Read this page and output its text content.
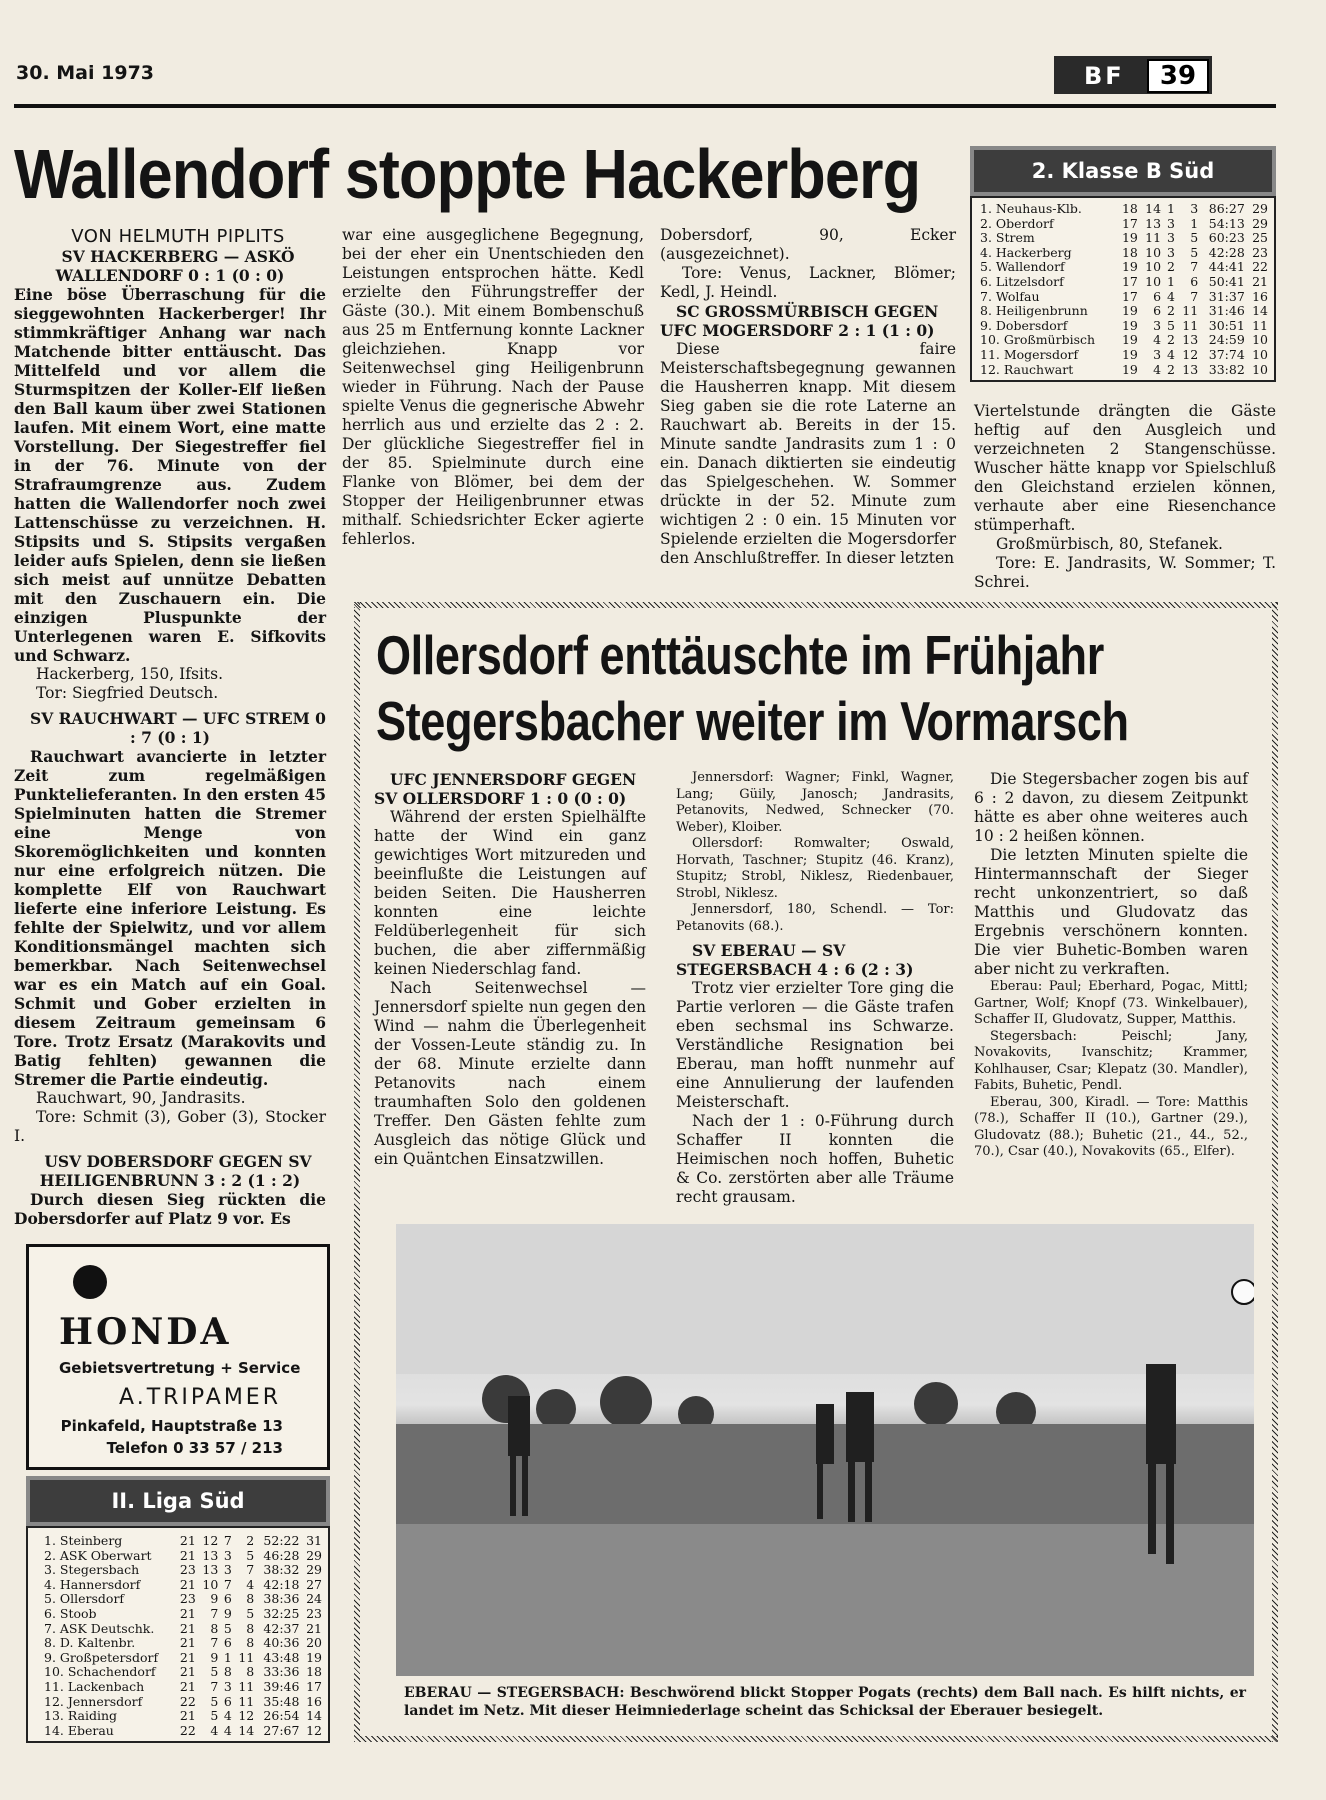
30. Mai 1973	BF	39
Wallendorf stoppte Hackerberg

VON HELMUTH PIPLITS

SV HACKERBERG — ASKÖ WALLENDORF 0 : 1 (0 : 0)

Eine böse Überraschung für die sieggewohnten Hackerberger! Ihr stimmkräftiger Anhang war nach Matchende bitter enttäuscht. Das Mittelfeld und vor allem die Sturmspitzen der Koller-Elf ließen den Ball kaum über zwei Stationen laufen. Mit einem Wort, eine matte Vorstellung. Der Siegestreffer fiel in der 76. Minute von der Strafraumgrenze aus. Zudem hatten die Wallendorfer noch zwei Lattenschüsse zu verzeichnen. H. Stipsits und S. Stipsits vergaßen leider aufs Spielen, denn sie ließen sich meist auf unnütze Debatten mit den Zuschauern ein. Die einzigen Pluspunkte der Unterlegenen waren E. Sifkovits und Schwarz.

Hackerberg, 150, Ifsits.

Tor: Siegfried Deutsch.

SV RAUCHWART — UFC STREM 0 : 7 (0 : 1)

Rauchwart avancierte in letzter Zeit zum regelmäßigen Punktelieferanten. In den ersten 45 Spielminuten hatten die Stremer eine Menge von Skoremöglichkeiten und konnten nur eine erfolgreich nützen. Die komplette Elf von Rauchwart lieferte eine inferiore Leistung. Es fehlte der Spielwitz, und vor allem Konditionsmängel machten sich bemerkbar. Nach Seitenwechsel war es ein Match auf ein Goal. Schmit und Gober erzielten in diesem Zeitraum gemeinsam 6 Tore. Trotz Ersatz (Marakovits und Batig fehlten) gewannen die Stremer die Partie eindeutig.

Rauchwart, 90, Jandrasits.

Tore: Schmit (3), Gober (3), Stocker I.

USV DOBERSDORF GEGEN SV HEILIGENBRUNN 3 : 2 (1 : 2)

Durch diesen Sieg rückten die Dobersdorfer auf Platz 9 vor. Es

war eine ausgeglichene Begegnung, bei der eher ein Unentschieden den Leistungen entsprochen hätte. Kedl erzielte den Führungstreffer der Gäste (30.). Mit einem Bombenschuß aus 25 m Entfernung konnte Lackner gleichziehen. Knapp vor Seitenwechsel ging Heiligenbrunn wieder in Führung. Nach der Pause spielte Venus die gegnerische Abwehr herrlich aus und erzielte das 2 : 2. Der glückliche Siegestreffer fiel in der 85. Spielminute durch eine Flanke von Blömer, bei dem der Stopper der Heiligenbrunner etwas mithalf. Schiedsrichter Ecker agierte fehlerlos.

Dobersdorf, 90, Ecker (ausgezeichnet).

Tore: Venus, Lackner, Blömer; Kedl, J. Heindl.

SC GROSSMÜRBISCH GEGEN UFC MOGERSDORF 2 : 1 (1 : 0)

Diese faire Meisterschaftsbegegnung gewannen die Hausherren knapp. Mit diesem Sieg gaben sie die rote Laterne an Rauchwart ab. Bereits in der 15. Minute sandte Jandrasits zum 1 : 0 ein. Danach diktierten sie eindeutig das Spielgeschehen. W. Sommer drückte in der 52. Minute zum wichtigen 2 : 0 ein. 15 Minuten vor Spielende erzielten die Mogersdorfer den Anschlußtreffer. In dieser letzten

2. Klasse B Süd
1. Neuhaus-Klb.	18	14	1	3	86:27	29
2. Oberdorf	17	13	3	1	54:13	29
3. Strem	19	11	3	5	60:23	25
4. Hackerberg	18	10	3	5	42:28	23
5. Wallendorf	19	10	2	7	44:41	22
6. Litzelsdorf	17	10	1	6	50:41	21
7. Wolfau	17	6	4	7	31:37	16
8. Heiligenbrunn	19	6	2	11	31:46	14
9. Dobersdorf	19	3	5	11	30:51	11
10. Großmürbisch	19	4	2	13	24:59	10
11. Mogersdorf	19	3	4	12	37:74	10
12. Rauchwart	19	4	2	13	33:82	10

Viertelstunde drängten die Gäste heftig auf den Ausgleich und verzeichneten 2 Stangenschüsse. Wuscher hätte knapp vor Spielschluß den Gleichstand erzielen können, verhaute aber eine Riesenchance stümperhaft.

Großmürbisch, 80, Stefanek.

Tore: E. Jandrasits, W. Sommer; T. Schrei.

Ollersdorf enttäuschte im Frühjahr
Stegersbacher weiter im Vormarsch

UFC JENNERSDORF GEGEN SV OLLERSDORF 1 : 0 (0 : 0)

Während der ersten Spielhälfte hatte der Wind ein ganz gewichtiges Wort mitzureden und beeinflußte die Leistungen auf beiden Seiten. Die Hausherren konnten eine leichte Feldüberlegenheit für sich buchen, die aber ziffernmäßig keinen Niederschlag fand.

Nach Seitenwechsel — Jennersdorf spielte nun gegen den Wind — nahm die Überlegenheit der Vossen-Leute ständig zu. In der 68. Minute erzielte dann Petanovits nach einem traumhaften Solo den goldenen Treffer. Den Gästen fehlte zum Ausgleich das nötige Glück und ein Quäntchen Einsatzwillen.

Jennersdorf: Wagner; Finkl, Wagner, Lang; Güily, Janosch; Jandrasits, Petanovits, Nedwed, Schnecker (70. Weber), Kloiber.

Ollersdorf: Romwalter; Oswald, Horvath, Taschner; Stupitz (46. Kranz), Stupitz; Strobl, Niklesz, Riedenbauer, Strobl, Niklesz.

Jennersdorf, 180, Schendl. — Tor: Petanovits (68.).

SV EBERAU — SV STEGERSBACH 4 : 6 (2 : 3)

Trotz vier erzielter Tore ging die Partie verloren — die Gäste trafen eben sechsmal ins Schwarze. Verständliche Resignation bei Eberau, man hofft nunmehr auf eine Annulierung der laufenden Meisterschaft.

Nach der 1 : 0-Führung durch Schaffer II konnten die Heimischen noch hoffen, Buhetic & Co. zerstörten aber alle Träume recht grausam.

Die Stegersbacher zogen bis auf 6 : 2 davon, zu diesem Zeitpunkt hätte es aber ohne weiteres auch 10 : 2 heißen können.

Die letzten Minuten spielte die Hintermannschaft der Sieger recht unkonzentriert, so daß Matthis und Gludovatz das Ergebnis verschönern konnten. Die vier Buhetic-Bomben waren aber nicht zu verkraften.

Eberau: Paul; Eberhard, Pogac, Mittl; Gartner, Wolf; Knopf (73. Winkelbauer), Schaffer II, Gludovatz, Supper, Matthis.

Stegersbach: Peischl; Jany, Novakovits, Ivanschitz; Krammer, Kohlhauser, Csar; Klepatz (30. Mandler), Fabits, Buhetic, Pendl.

Eberau, 300, Kiradl. — Tore: Matthis (78.), Schaffer II (10.), Gartner (29.), Gludovatz (88.); Buhetic (21., 44., 52., 70.), Csar (40.), Novakovits (65., Elfer).

EBERAU — STEGERSBACH: Beschwörend blickt Stopper Pogats (rechts) dem Ball nach. Es hilft nichts, er landet im Netz. Mit dieser Heimniederlage scheint das Schicksal der Eberauer besiegelt.
HONDA
Gebietsvertretung + Service
A.TRIPAMER
Pinkafeld, Hauptstraße 13
Telefon 0 33 57 / 213
II. Liga Süd
1. Steinberg	21	12	7	2	52:22	31
2. ASK Oberwart	21	13	3	5	46:28	29
3. Stegersbach	23	13	3	7	38:32	29
4. Hannersdorf	21	10	7	4	42:18	27
5. Ollersdorf	23	9	6	8	38:36	24
6. Stoob	21	7	9	5	32:25	23
7. ASK Deutschk.	21	8	5	8	42:37	21
8. D. Kaltenbr.	21	7	6	8	40:36	20
9. Großpetersdorf	21	9	1	11	43:48	19
10. Schachendorf	21	5	8	8	33:36	18
11. Lackenbach	21	7	3	11	39:46	17
12. Jennersdorf	22	5	6	11	35:48	16
13. Raiding	21	5	4	12	26:54	14
14. Eberau	22	4	4	14	27:67	12
